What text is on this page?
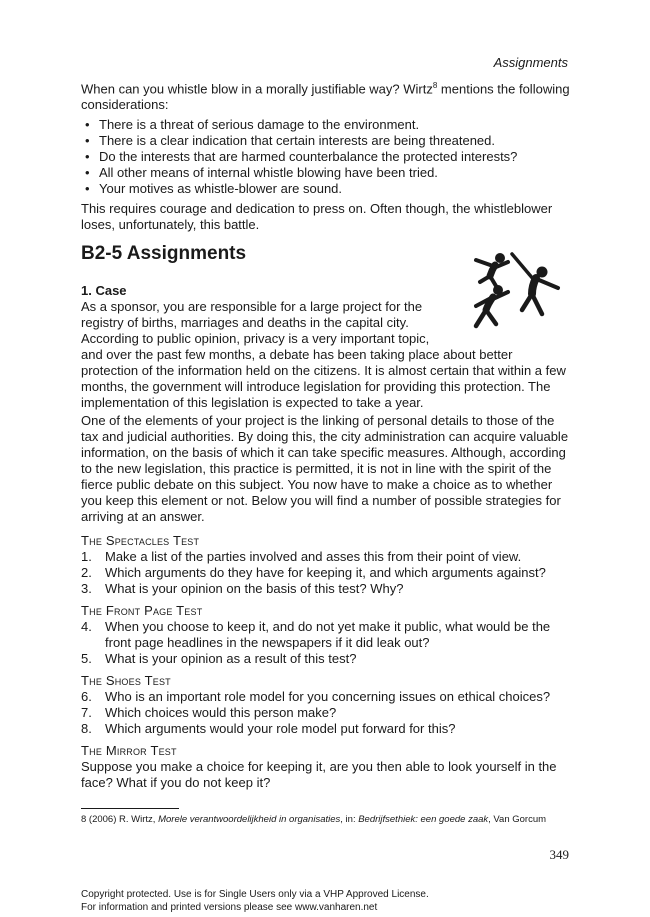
Assignments

When can you whistle blow in a morally justifiable way? Wirtz$^8$ mentions the following considerations:

• There is a threat of serious damage to the environment.
• There is a clear indication that certain interests are being threatened.
• Do the interests that are harmed counterbalance the protected interests?
• All other means of internal whistle blowing have been tried.
• Your motives as whistle-blower are sound.

This requires courage and dedication to press on. Often though, the whistleblower loses, unfortunately, this battle.

B2-5 Assignments
1. Case
As a sponsor, you are responsible for a large project for the
registry of births, marriages and deaths in the capital city.
According to public opinion, privacy is a very important topic,
and over the past few months, a debate has been taking place about better protection of the information held on the citizens. It is almost certain that within a few months, the government will introduce legislation for providing this protection. The implementation of this legislation is expected to take a year.

One of the elements of your project is the linking of personal details to those of the tax and judicial authorities. By doing this, the city administration can acquire valuable information, on the basis of which it can take specific measures. Although, according to the new legislation, this practice is permitted, it is not in line with the spirit of the fierce public debate on this subject. You now have to make a choice as to whether you keep this element or not. Below you will find a number of possible strategies for arriving at an answer.

The Spectacles Test
1. Make a list of the parties involved and asses this from their point of view.
2. Which arguments do they have for keeping it, and which arguments against?
3. What is your opinion on the basis of this test? Why?
The Front Page Test
4. When you choose to keep it, and do not yet make it public, what would be the front page headlines in the newspapers if it did leak out?
5. What is your opinion as a result of this test?
The Shoes Test
6. Who is an important role model for you concerning issues on ethical choices?
7. Which choices would this person make?
8. Which arguments would your role model put forward for this?
The Mirror Test
Suppose you make a choice for keeping it, are you then able to look yourself in the face? What if you do not keep it?
8 (2006) R. Wirtz, Morele verantwoordelijkheid in organisaties, in: Bedrijfsethiek: een goede zaak, Van Gorcum
349
Copyright protected. Use is for Single Users only via a VHP Approved License.
For information and printed versions please see www.vanharen.net
